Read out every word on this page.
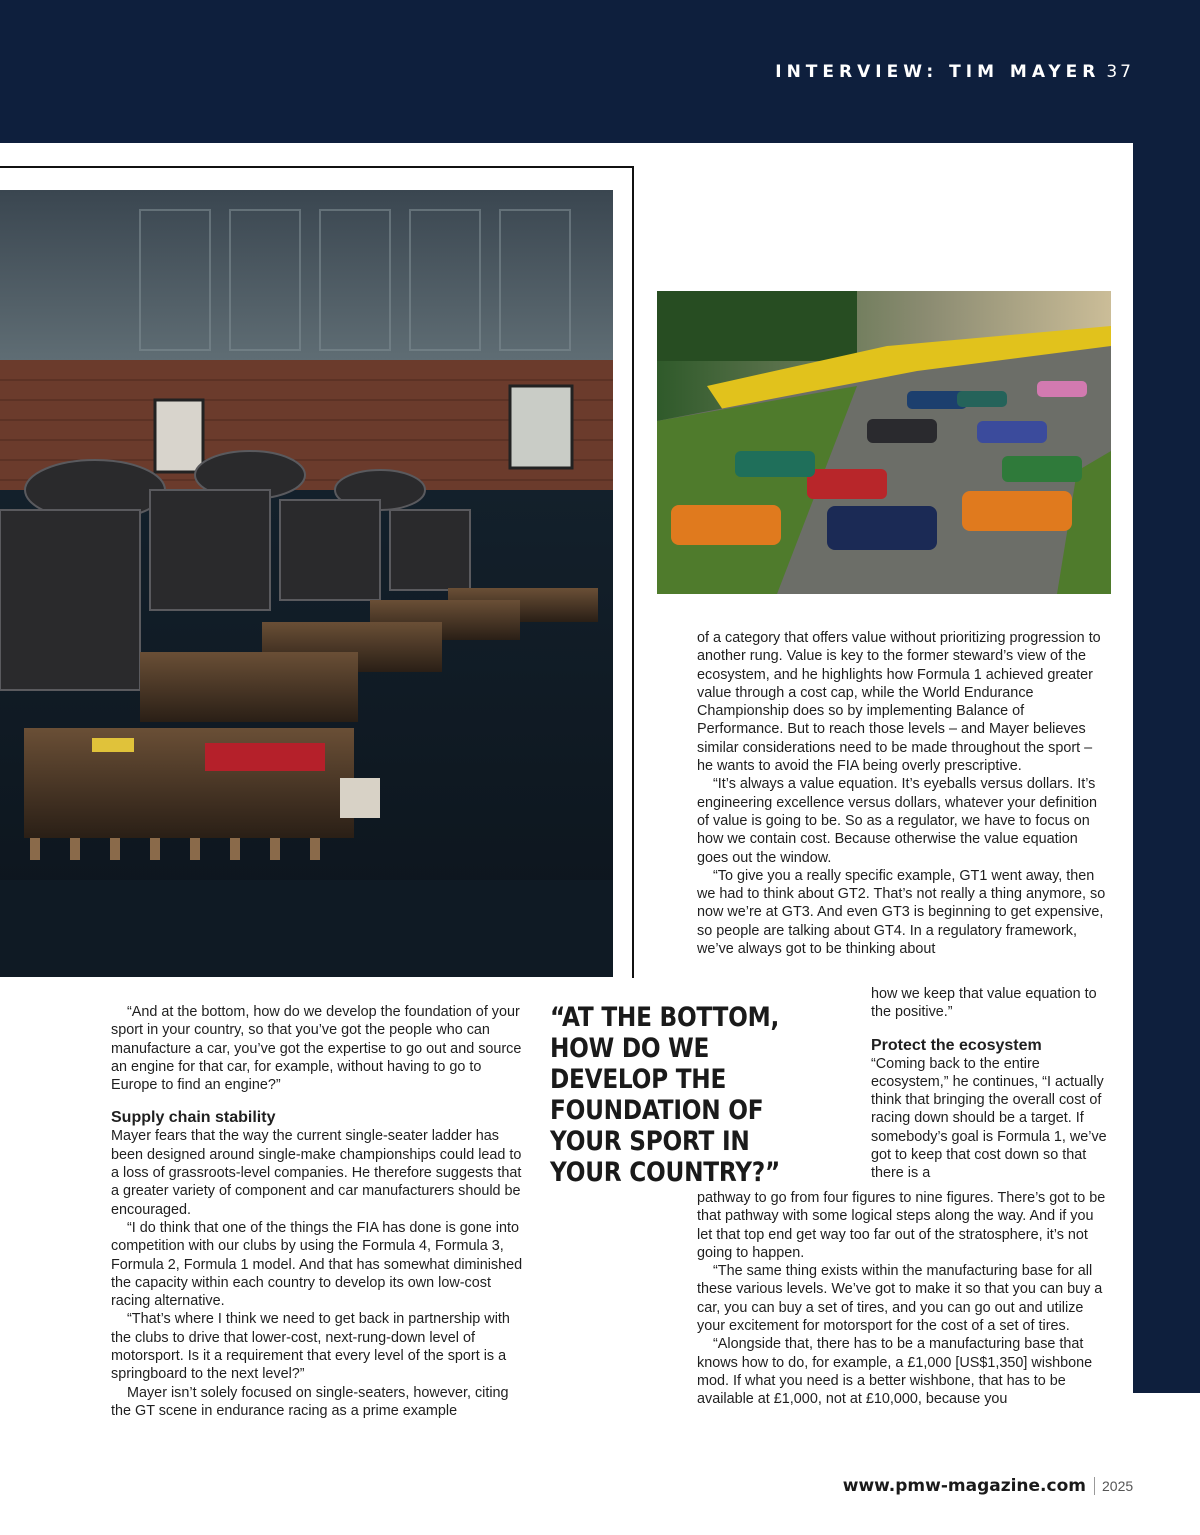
INTERVIEW: TIM MAYER 37

“And at the bottom, how do we develop the foundation of your sport in your country, so that you’ve got the people who can manufacture a car, you’ve got the expertise to go out and source an engine for that car, for example, without having to go to Europe to find an engine?”

Supply chain stability

Mayer fears that the way the current single-seater ladder has been designed around single-make championships could lead to a loss of grassroots-level companies. He therefore suggests that a greater variety of component and car manufacturers should be encouraged.

“I do think that one of the things the FIA has done is gone into competition with our clubs by using the Formula 4, Formula 3, Formula 2, Formula 1 model. And that has somewhat diminished the capacity within each country to develop its own low-cost racing alternative.

“That’s where I think we need to get back in partnership with the clubs to drive that lower-cost, next-rung-down level of motorsport. Is it a requirement that every level of the sport is a springboard to the next level?”

Mayer isn’t solely focused on single-seaters, however, citing the GT scene in endurance racing as a prime example

“AT THE BOTTOM, HOW DO WE DEVELOP THE FOUNDATION OF YOUR SPORT IN YOUR COUNTRY?”

of a category that offers value without prioritizing progression to another rung. Value is key to the former steward’s view of the ecosystem, and he highlights how Formula 1 achieved greater value through a cost cap, while the World Endurance Championship does so by implementing Balance of Performance. But to reach those levels – and Mayer believes similar considerations need to be made throughout the sport – he wants to avoid the FIA being overly prescriptive.

“It’s always a value equation. It’s eyeballs versus dollars. It’s engineering excellence versus dollars, whatever your definition of value is going to be. So as a regulator, we have to focus on how we contain cost. Because otherwise the value equation goes out the window.

“To give you a really specific example, GT1 went away, then we had to think about GT2. That’s not really a thing anymore, so now we’re at GT3. And even GT3 is beginning to get expensive, so people are talking about GT4. In a regulatory framework, we’ve always got to be thinking about

how we keep that value equation to the positive.”

Protect the ecosystem

“Coming back to the entire ecosystem,” he continues, “I actually think that bringing the overall cost of racing down should be a target. If somebody’s goal is Formula 1, we’ve got to keep that cost down so that there is a

pathway to go from four figures to nine figures. There’s got to be that pathway with some logical steps along the way. And if you let that top end get way too far out of the stratosphere, it’s not going to happen.

“The same thing exists within the manufacturing base for all these various levels. We’ve got to make it so that you can buy a car, you can buy a set of tires, and you can go out and utilize your excitement for motorsport for the cost of a set of tires.

“Alongside that, there has to be a manufacturing base that knows how to do, for example, a £1,000 [US$1,350] wishbone mod. If what you need is a better wishbone, that has to be available at £1,000, not at £10,000, because you

www.pmw-magazine.com 2025
